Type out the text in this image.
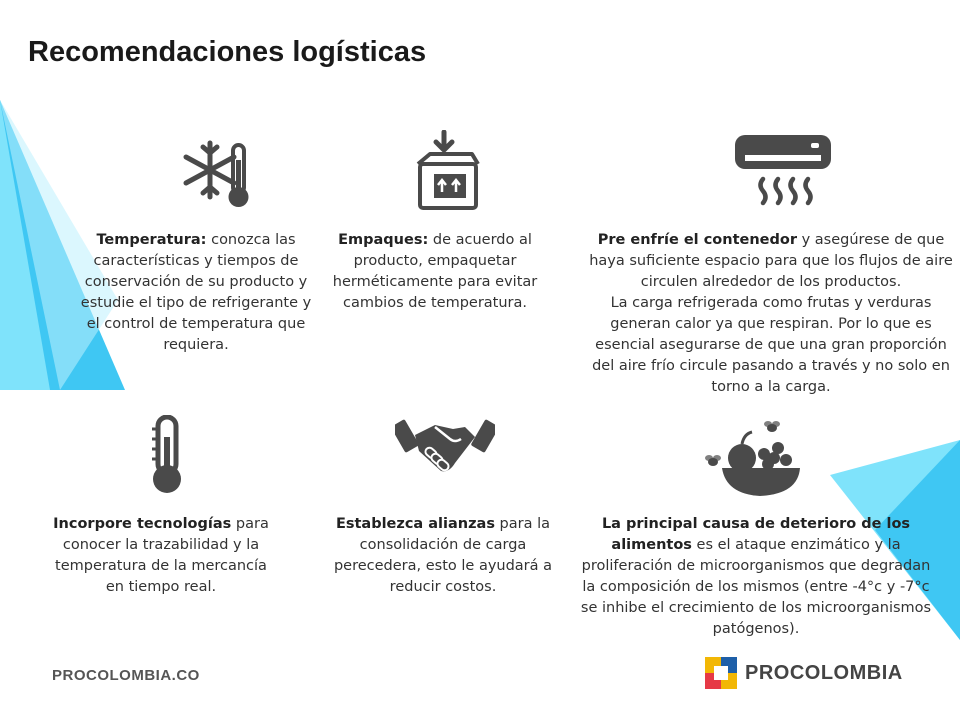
Recomendaciones logísticas
Temperatura: conozca las características y tiempos de conservación de su producto y estudie el tipo de refrigerante y el control de temperatura que requiera.
Empaques: de acuerdo al producto, empaquetar herméticamente para evitar cambios de temperatura.
Pre enfríe el contenedor y asegúrese de que haya suficiente espacio para que los flujos de aire circulen alrededor de los productos.
La carga refrigerada como frutas y verduras generan calor ya que respiran. Por lo que es esencial asegurarse de que una gran proporción del aire frío circule pasando a través y no solo en torno a la carga.
Incorpore tecnologías para conocer la trazabilidad y la temperatura de la mercancía en tiempo real.
Establezca alianzas para la consolidación de carga perecedera, esto le ayudará a reducir costos.
La principal causa de deterioro de los alimentos es el ataque enzimático y la proliferación de microorganismos que degradan la composición de los mismos (entre -4°c y -7°c se inhibe el crecimiento de los microorganismos patógenos).
PROCOLOMBIA.CO	PROCOLOMBIA
